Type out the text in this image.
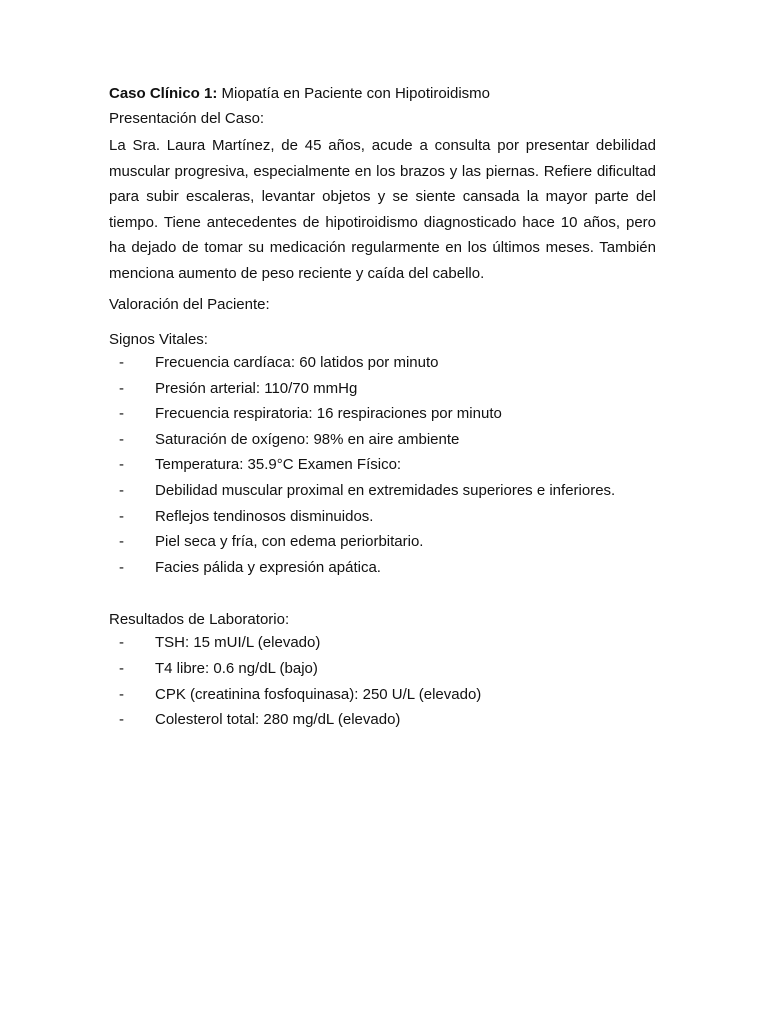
Caso Clínico 1: Miopatía en Paciente con Hipotiroidismo

Presentación del Caso:

La Sra. Laura Martínez, de 45 años, acude a consulta por presentar debilidad muscular progresiva, especialmente en los brazos y las piernas. Refiere dificultad para subir escaleras, levantar objetos y se siente cansada la mayor parte del tiempo. Tiene antecedentes de hipotiroidismo diagnosticado hace 10 años, pero ha dejado de tomar su medicación regularmente en los últimos meses. También menciona aumento de peso reciente y caída del cabello.

Valoración del Paciente:

Signos Vitales:

- Frecuencia cardíaca: 60 latidos por minuto
- Presión arterial: 110/70 mmHg
- Frecuencia respiratoria: 16 respiraciones por minuto
- Saturación de oxígeno: 98% en aire ambiente
- Temperatura: 35.9°C Examen Físico:
- Debilidad muscular proximal en extremidades superiores e inferiores.
- Reflejos tendinosos disminuidos.
- Piel seca y fría, con edema periorbitario.
- Facies pálida y expresión apática.

Resultados de Laboratorio:

- TSH: 15 mUI/L (elevado)
- T4 libre: 0.6 ng/dL (bajo)
- CPK (creatinina fosfoquinasa): 250 U/L (elevado)
- Colesterol total: 280 mg/dL (elevado)
